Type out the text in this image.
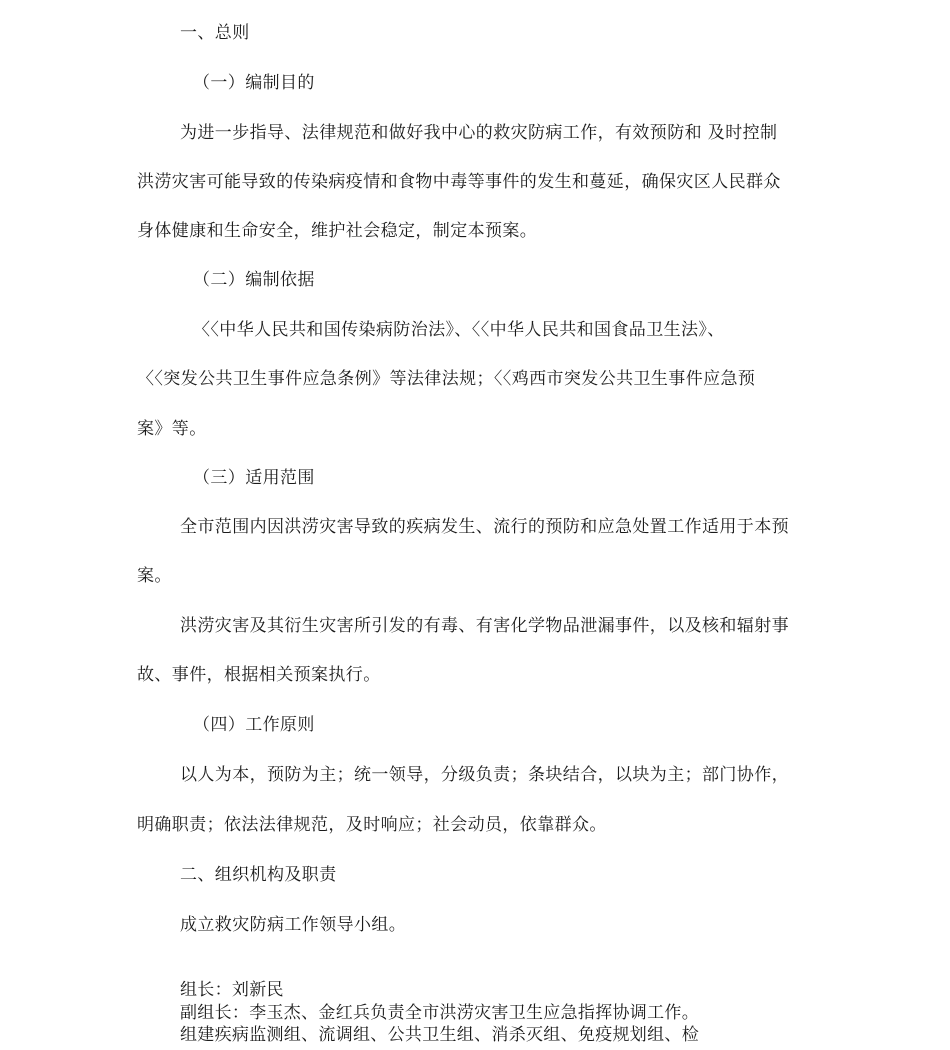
一、总则

（一）编制目的

为进一步指导、法律规范和做好我中心的救灾防病工作，有效预防和 及时控制

洪涝灾害可能导致的传染病疫情和食物中毒等事件的发生和蔓延，确保灾区人民群众

身体健康和生命安全，维护社会稳定，制定本预案。

（二）编制依据

〈〈中华人民共和国传染病防治法》、〈〈中华人民共和国食品卫生法》、

〈〈突发公共卫生事件应急条例》等法律法规；〈〈鸡西市突发公共卫生事件应急预

案》等。

（三）适用范围

全市范围内因洪涝灾害导致的疾病发生、流行的预防和应急处置工作适用于本预

案。

洪涝灾害及其衍生灾害所引发的有毒、有害化学物品泄漏事件，以及核和辐射事

故、事件，根据相关预案执行。

（四）工作原则

以人为本，预防为主；统一领导，分级负责；条块结合，以块为主；部门协作，

明确职责；依法法律规范，及时响应；社会动员，依靠群众。

二、组织机构及职责

成立救灾防病工作领导小组。

组长：刘新民

副组长：李玉杰、金红兵负责全市洪涝灾害卫生应急指挥协调工作。

组建疾病监测组、流调组、公共卫生组、消杀灭组、免疫规划组、检
